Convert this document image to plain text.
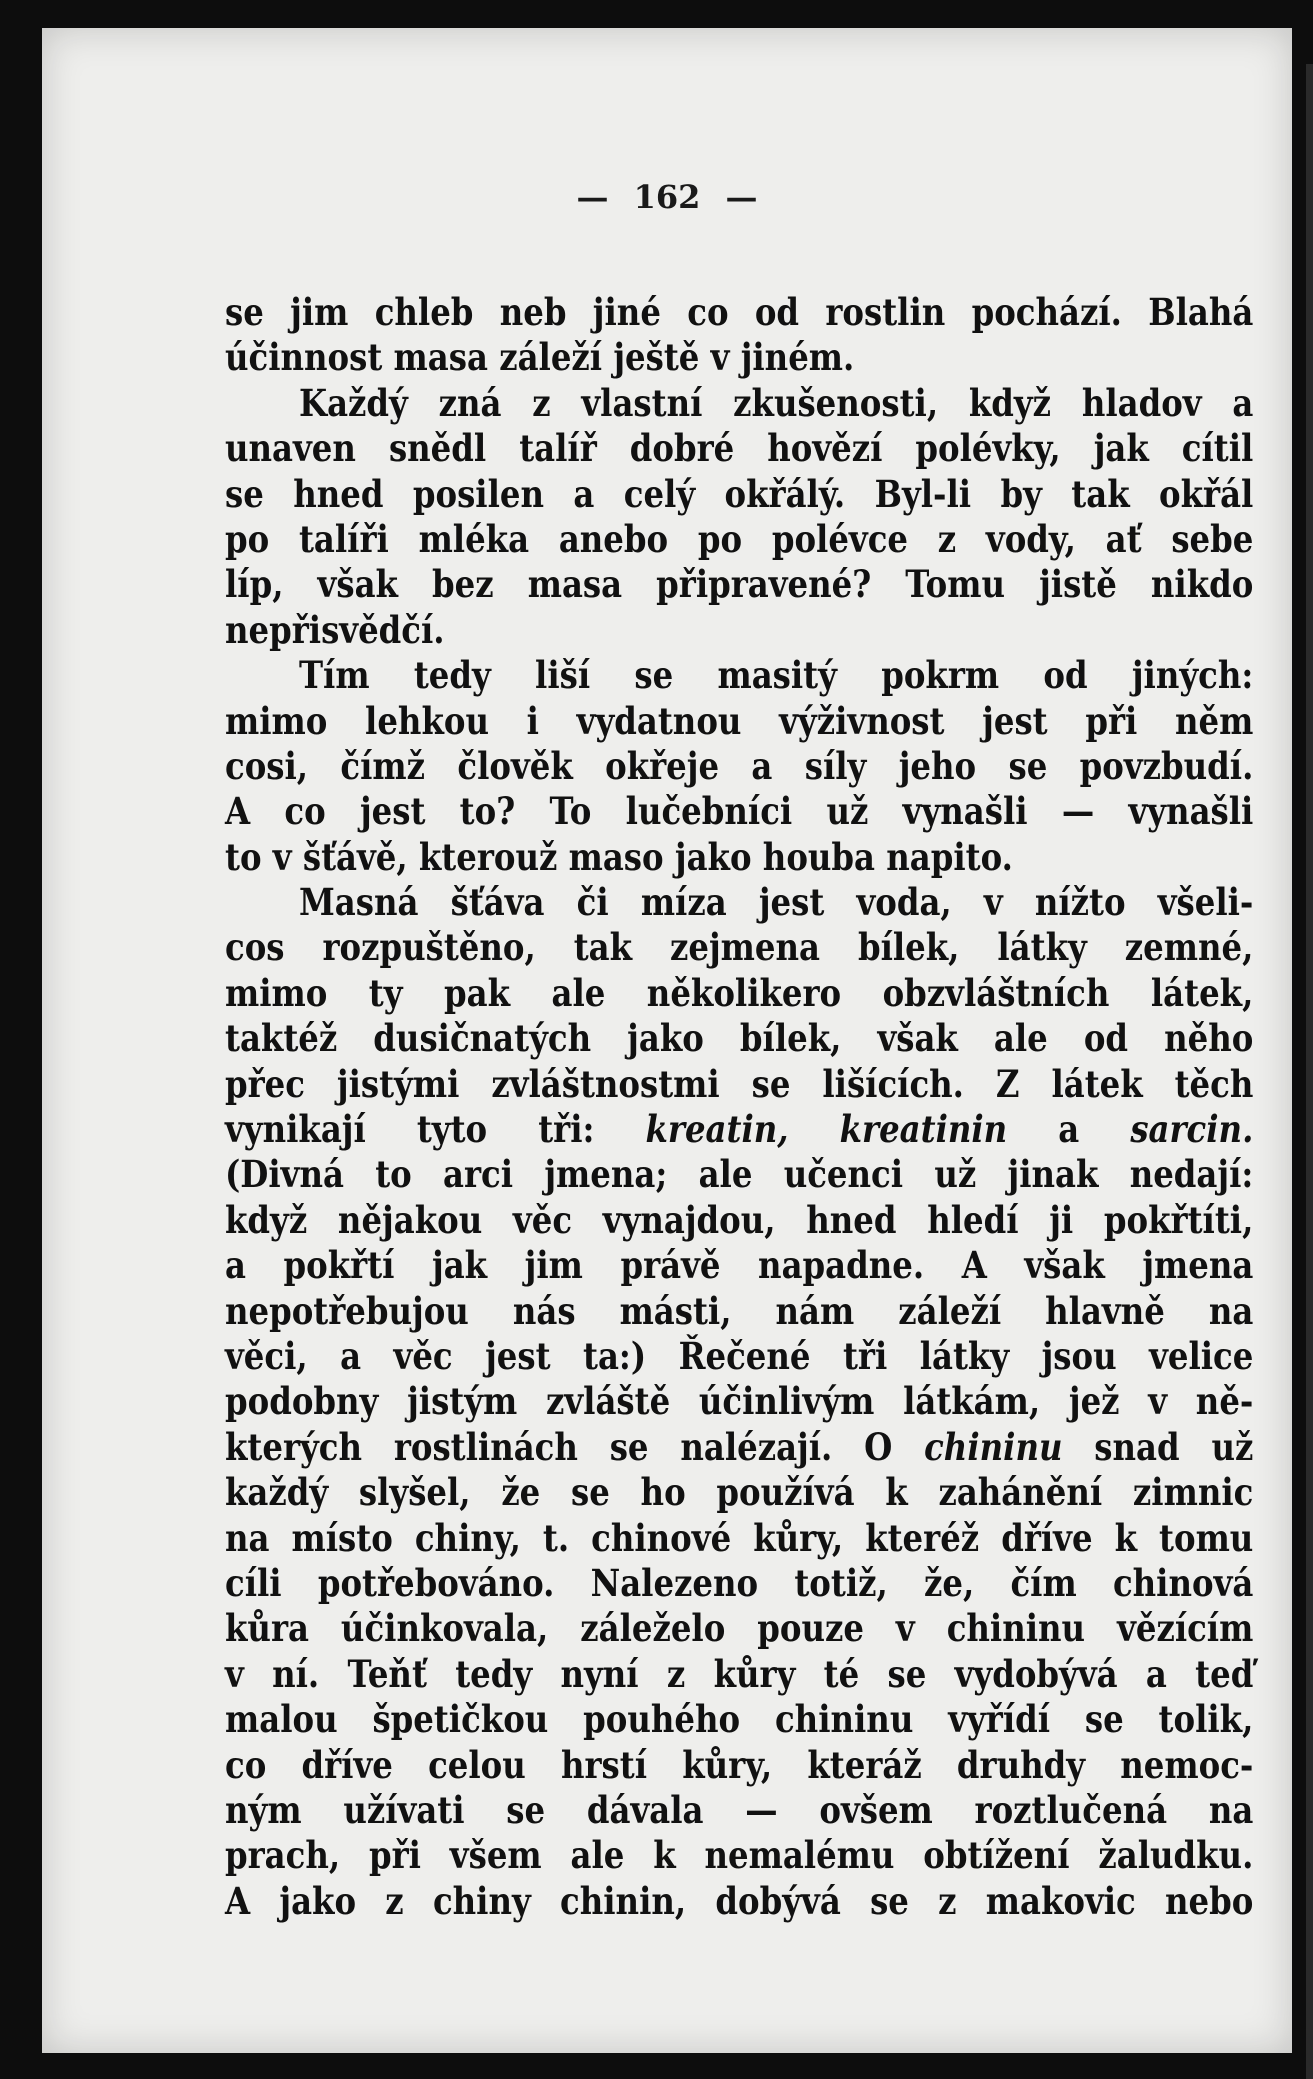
— 162 —
se jim chleb neb jiné co od rostlin pochází. Blahá
účinnost masa záleží ještě v jiném.
Každý zná z vlastní zkušenosti, když hladov a
unaven snědl talíř dobré hovězí polévky, jak cítil
se hned posilen a celý okřálý. Byl-li by tak okřál
po talíři mléka anebo po polévce z vody, ať sebe
líp, však bez masa připravené? Tomu jistě nikdo
nepřisvědčí.
Tím tedy liší se masitý pokrm od jiných:
mimo lehkou i vydatnou výživnost jest při něm
cosi, čímž člověk okřeje a síly jeho se povzbudí.
A co jest to? To lučebníci už vynašli — vynašli
to v šťávě, kterouž maso jako houba napito.
Masná šťáva či míza jest voda, v nížto všeli-
cos rozpuštěno, tak zejmena bílek, látky zemné,
mimo ty pak ale několikero obzvláštních látek,
taktéž dusičnatých jako bílek, však ale od něho
přec jistými zvláštnostmi se lišících. Z látek těch
vynikají tyto tři: kreatin, kreatinin a sarcin.
(Divná to arci jmena; ale učenci už jinak nedají:
když nějakou věc vynajdou, hned hledí ji pokřtíti,
a pokřtí jak jim právě napadne. A však jmena
nepotřebujou nás másti, nám záleží hlavně na
věci, a věc jest ta:) Řečené tři látky jsou velice
podobny jistým zvláště účinlivým látkám, jež v ně-
kterých rostlinách se nalézají. O chininu snad už
každý slyšel, že se ho používá k zahánění zimnic
na místo chiny, t. chinové kůry, kteréž dříve k tomu
cíli potřebováno. Nalezeno totiž, že, čím chinová
kůra účinkovala, záleželo pouze v chininu vězícím
v ní. Teňť tedy nyní z kůry té se vydobývá a teď
malou špetičkou pouhého chininu vyřídí se tolik,
co dříve celou hrstí kůry, kteráž druhdy nemoc-
ným užívati se dávala — ovšem roztlučená na
prach, při všem ale k nemalému obtížení žaludku.
A jako z chiny chinin, dobývá se z makovic nebo
